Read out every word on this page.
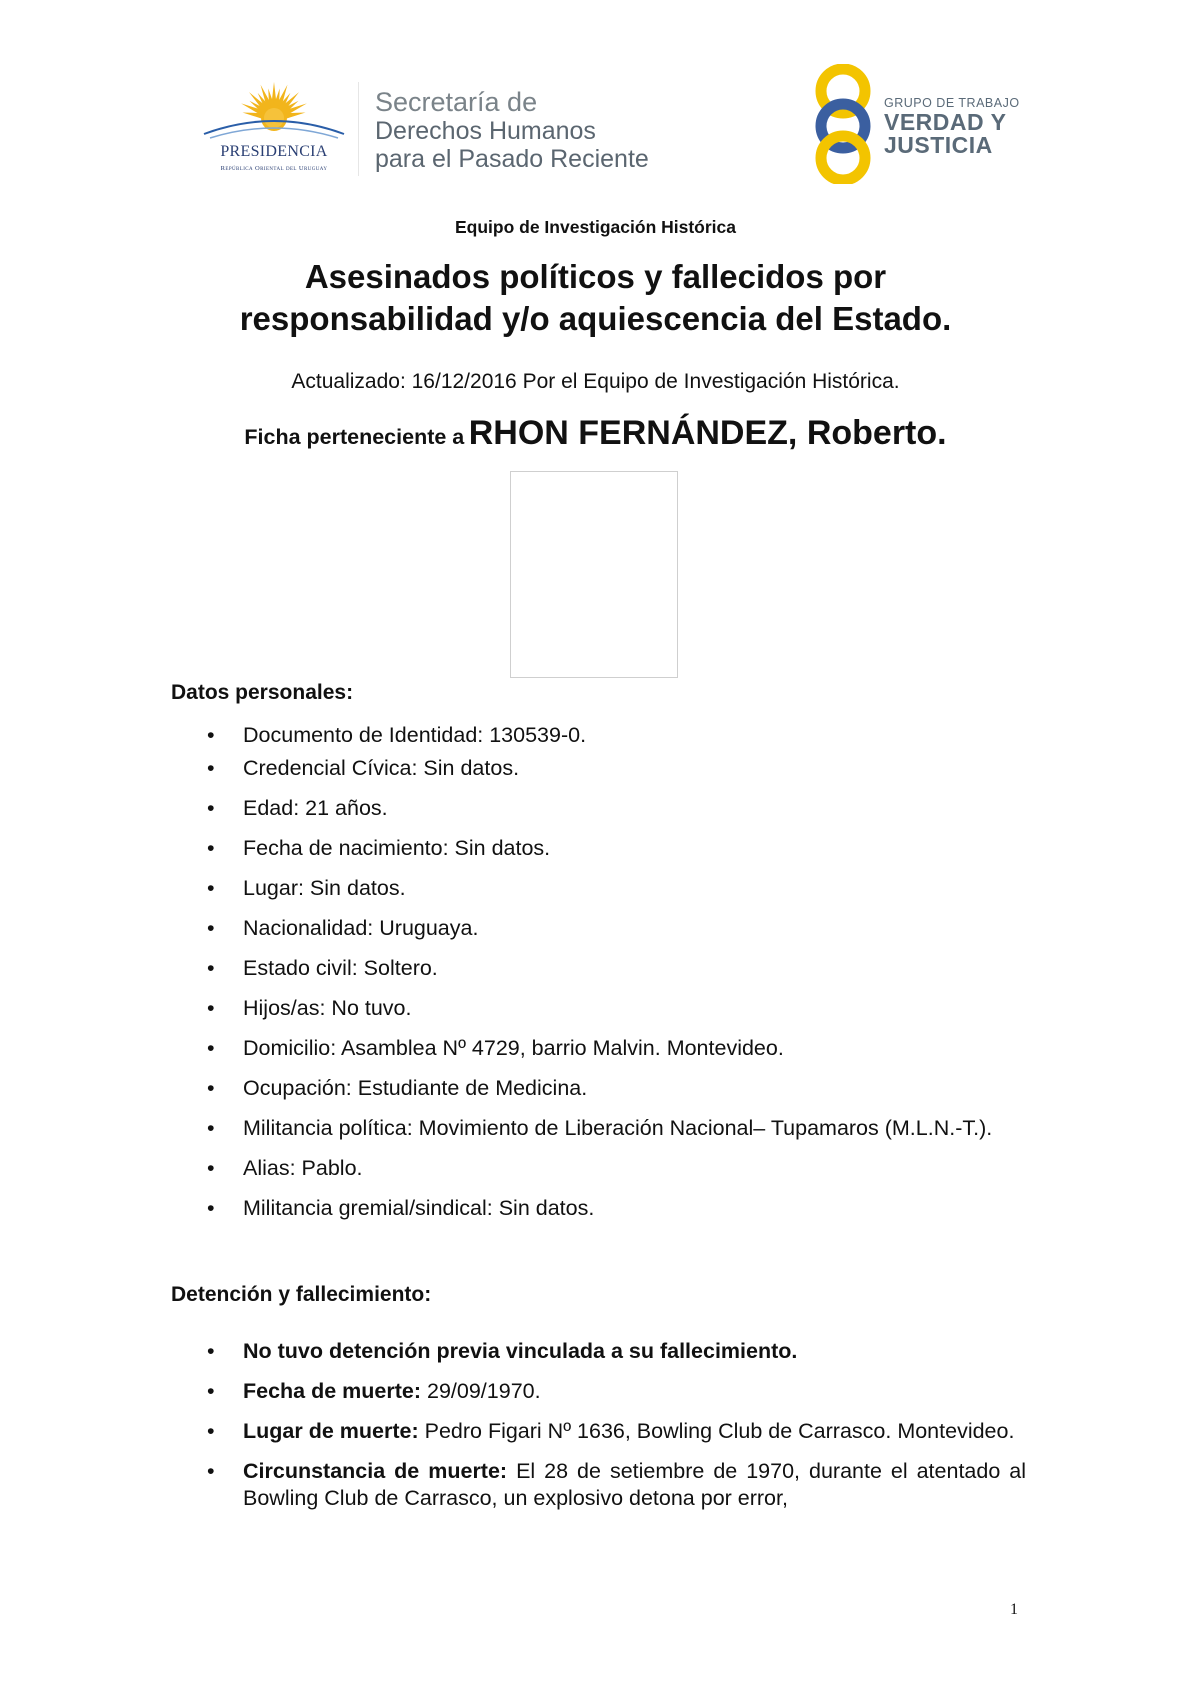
PRESIDENCIA
República Oriental del Uruguay
Secretaría de
Derechos Humanos
para el Pasado Reciente
GRUPO DE TRABAJO
VERDAD Y
JUSTICIA
Equipo de Investigación Histórica
Asesinados políticos y fallecidos por
responsabilidad y/o aquiescencia del Estado.
Actualizado: 16/12/2016 Por el Equipo de Investigación Histórica.
Ficha perteneciente a RHON FERNÁNDEZ, Roberto.
Datos personales:
• Documento de Identidad: 130539-0.
• Credencial Cívica: Sin datos.
• Edad: 21 años.
• Fecha de nacimiento: Sin datos.
• Lugar: Sin datos.
• Nacionalidad: Uruguaya.
• Estado civil: Soltero.
• Hijos/as: No tuvo.
• Domicilio: Asamblea Nº 4729, barrio Malvin. Montevideo.
• Ocupación: Estudiante de Medicina.
• Militancia política: Movimiento de Liberación Nacional– Tupamaros (M.L.N.-T.).
• Alias: Pablo.
• Militancia gremial/sindical: Sin datos.
Detención y fallecimiento:
• No tuvo detención previa vinculada a su fallecimiento.
• Fecha de muerte: 29/09/1970.
• Lugar de muerte: Pedro Figari Nº 1636, Bowling Club de Carrasco. Montevideo.
• Circunstancia de muerte: El 28 de setiembre de 1970, durante el atentado al Bowling Club de Carrasco, un explosivo detona por error,
1
